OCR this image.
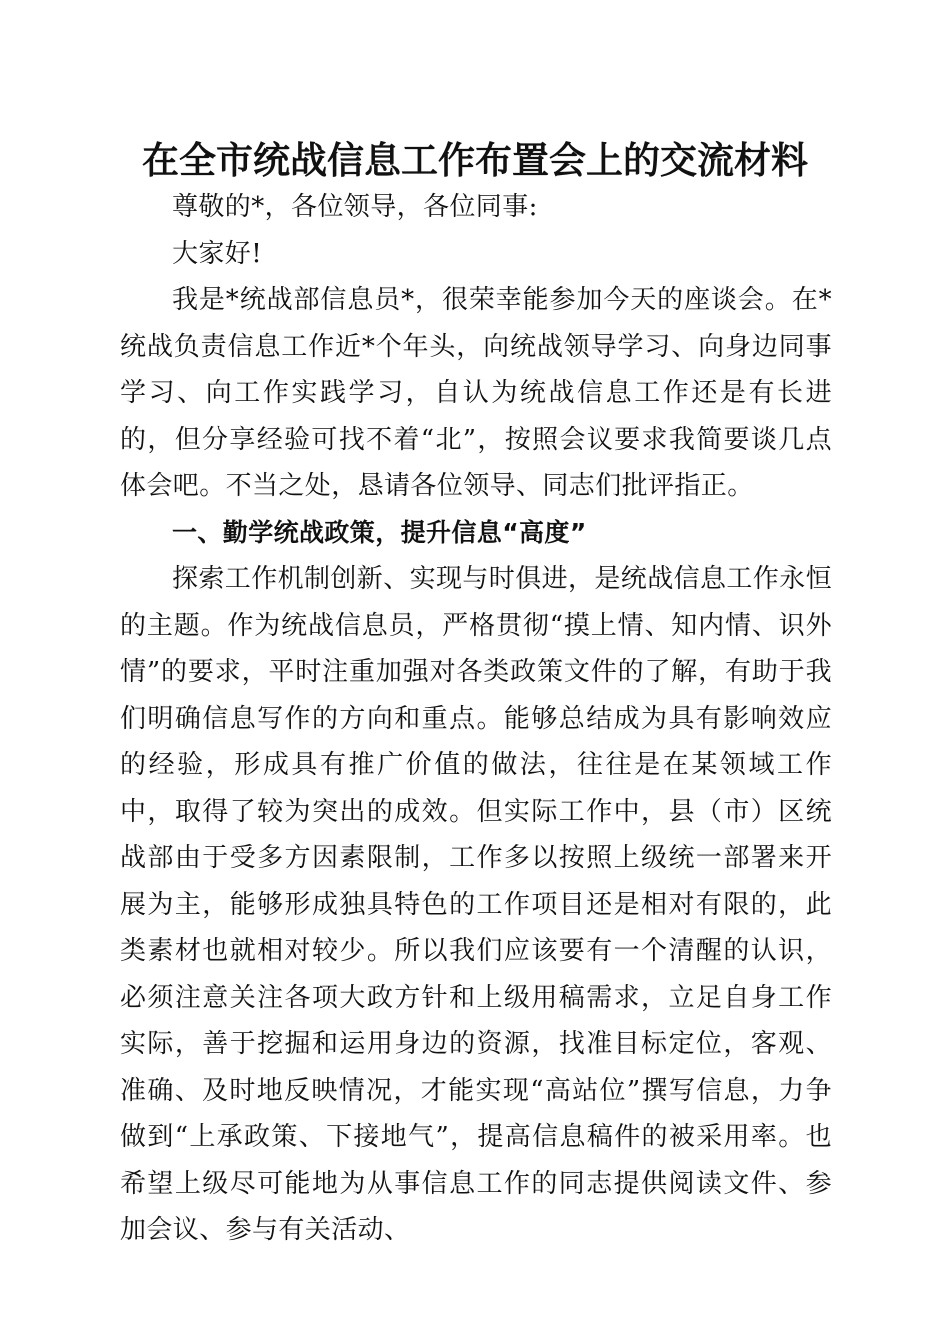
在全市统战信息工作布置会上的交流材料

尊敬的*，各位领导，各位同事:

大家好!

我是*统战部信息员*，很荣幸能参加今天的座谈会。在*统战负责信息工作近*个年头，向统战领导学习、向身边同事学习、向工作实践学习，自认为统战信息工作还是有长进的，但分享经验可找不着“北”，按照会议要求我简要谈几点体会吧。不当之处，恳请各位领导、同志们批评指正。

一、勤学统战政策，提升信息“高度”

探索工作机制创新、实现与时俱进，是统战信息工作永恒的主题。作为统战信息员，严格贯彻“摸上情、知内情、识外情”的要求，平时注重加强对各类政策文件的了解，有助于我们明确信息写作的方向和重点。能够总结成为具有影响效应的经验，形成具有推广价值的做法，往往是在某领域工作中，取得了较为突出的成效。但实际工作中，县（市）区统战部由于受多方因素限制，工作多以按照上级统一部署来开展为主，能够形成独具特色的工作项目还是相对有限的，此类素材也就相对较少。所以我们应该要有一个清醒的认识，必须注意关注各项大政方针和上级用稿需求，立足自身工作实际，善于挖掘和运用身边的资源，找准目标定位，客观、准确、及时地反映情况，才能实现“高站位”撰写信息，力争做到“上承政策、下接地气”，提高信息稿件的被采用率。也希望上级尽可能地为从事信息工作的同志提供阅读文件、参加会议、参与有关活动、
